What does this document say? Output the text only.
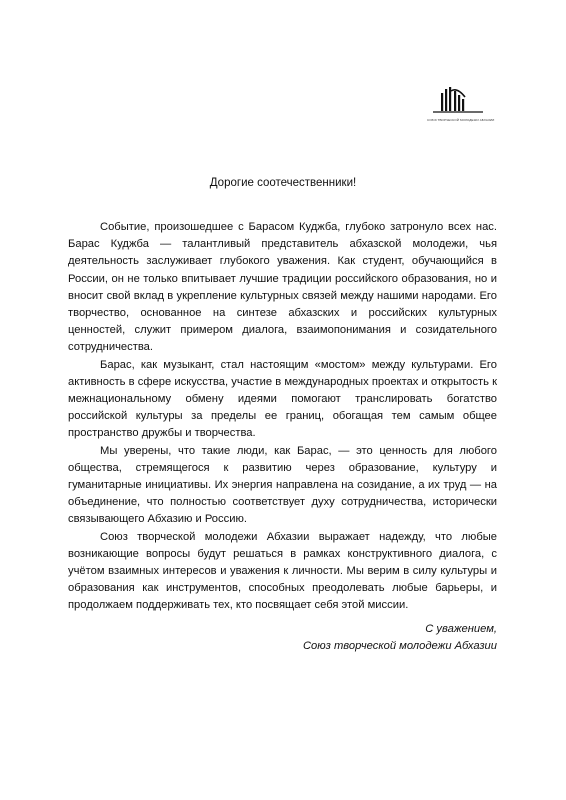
СОЮЗ ТВОРЧЕСКОЙ МОЛОДЕЖИ АБХАЗИИ
Дорогие соотечественники!

Событие, произошедшее с Барасом Куджба, глубоко затронуло всех нас. Барас Куджба — талантливый представитель абхазской молодежи, чья деятельность заслуживает глубокого уважения. Как студент, обучающийся в России, он не только впитывает лучшие традиции российского образования, но и вносит свой вклад в укрепление культурных связей между нашими народами. Его творчество, основанное на синтезе абхазских и российских культурных ценностей, служит примером диалога, взаимопонимания и созидательного сотрудничества.

Барас, как музыкант, стал настоящим «мостом» между культурами. Его активность в сфере искусства, участие в международных проектах и открытость к межнациональному обмену идеями помогают транслировать богатство российской культуры за пределы ее границ, обогащая тем самым общее пространство дружбы и творчества.

Мы уверены, что такие люди, как Барас, — это ценность для любого общества, стремящегося к развитию через образование, культуру и гуманитарные инициативы. Их энергия направлена на созидание, а их труд — на объединение, что полностью соответствует духу сотрудничества, исторически связывающего Абхазию и Россию.

Союз творческой молодежи Абхазии выражает надежду, что любые возникающие вопросы будут решаться в рамках конструктивного диалога, с учётом взаимных интересов и уважения к личности. Мы верим в силу культуры и образования как инструментов, способных преодолевать любые барьеры, и продолжаем поддерживать тех, кто посвящает себя этой миссии.

С уважением,
Союз творческой молодежи Абхазии
